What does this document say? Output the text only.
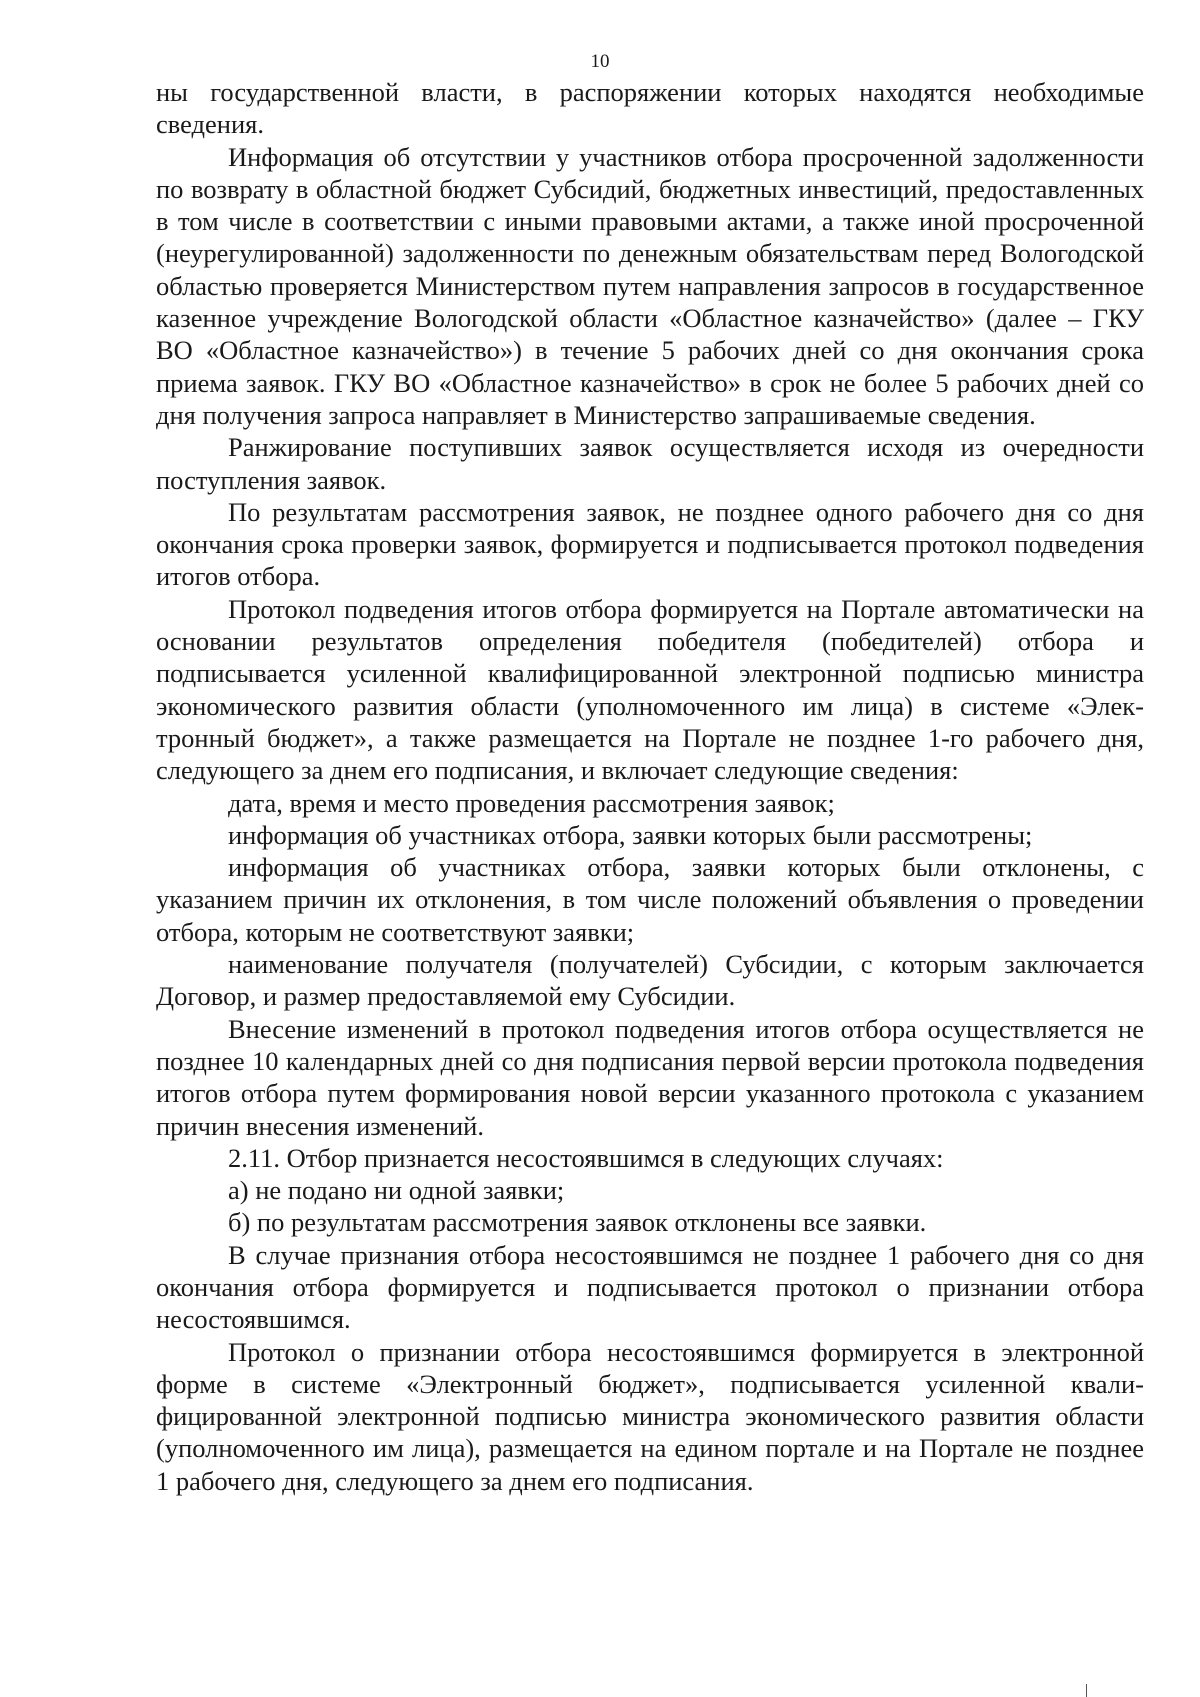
10

ны государственной власти, в распоряжении которых находятся необходимые сведения.

Информация об отсутствии у участников отбора просроченной задолженности по возврату в областной бюджет Субсидий, бюджетных инвестиций, предоставленных в том числе в соответствии с иными правовыми актами, а также иной просроченной (неурегулированной) задолженности по денежным обязательствам перед Вологодской областью проверяется Министерством путем направления запросов в государственное казенное учреждение Вологодской области «Областное казначейство» (далее – ГКУ ВО «Областное казначейство») в течение 5 рабочих дней со дня окончания срока приема заявок. ГКУ ВО «Областное казначейство» в срок не более 5 рабочих дней со дня получения запроса направляет в Министерство запрашиваемые сведения.

Ранжирование поступивших заявок осуществляется исходя из очередности поступления заявок.

По результатам рассмотрения заявок, не позднее одного рабочего дня со дня окончания срока проверки заявок, формируется и подписывается протокол подведения итогов отбора.

Протокол подведения итогов отбора формируется на Портале автоматически на основании результатов определения победителя (победителей) отбора и подписывается усиленной квалифицированной электронной подписью министра экономического развития области (уполномоченного им лица) в системе «Электронный бюджет», а также размещается на Портале не позднее 1-го рабочего дня, следующего за днем его подписания, и включает следующие сведения:

дата, время и место проведения рассмотрения заявок;

информация об участниках отбора, заявки которых были рассмотрены;

информация об участниках отбора, заявки которых были отклонены, с указанием причин их отклонения, в том числе положений объявления о проведении отбора, которым не соответствуют заявки;

наименование получателя (получателей) Субсидии, с которым заключается Договор, и размер предоставляемой ему Субсидии.

Внесение изменений в протокол подведения итогов отбора осуществляется не позднее 10 календарных дней со дня подписания первой версии протокола подведения итогов отбора путем формирования новой версии указанного протокола с указанием причин внесения изменений.

2.11. Отбор признается несостоявшимся в следующих случаях:

а) не подано ни одной заявки;

б) по результатам рассмотрения заявок отклонены все заявки.

В случае признания отбора несостоявшимся не позднее 1 рабочего дня со дня окончания отбора формируется и подписывается протокол о признании отбора несостоявшимся.

Протокол о признании отбора несостоявшимся формируется в электронной форме в системе «Электронный бюджет», подписывается усиленной квалифицированной электронной подписью министра экономического развития области (уполномоченного им лица), размещается на едином портале и на Портале не позднее 1 рабочего дня, следующего за днем его подписания.
